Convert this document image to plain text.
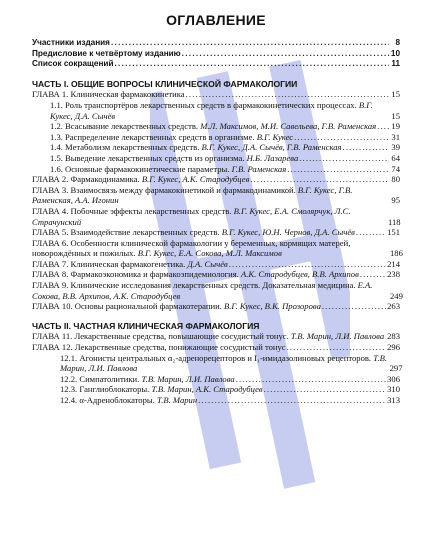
ОГЛАВЛЕНИЕ
Участники издания . . .	8
Предисловие к четвёртому изданию . . .	10
Список сокращений . . .	11
ЧАСТЬ I. ОБЩИЕ ВОПРОСЫ КЛИНИЧЕСКОЙ ФАРМАКОЛОГИИ
ГЛАВА 1. Клиническая фармакокинетика . . .	15
1.1. Роль транспортёров лекарственных средств в фармакокинетических процессах. В.Г. Кукес, Д.А. Сычёв	15
1.2. Всасывание лекарственных средств. М.Л. Максимов, М.И. Савельева, Г.В. Раменская . . . 19
1.3. Распределение лекарственных средств в организме. В.Г. Кукес . . .	31
1.4. Метаболизм лекарственных средств. В.Г. Кукес, Д.А. Сычёв, Г.В. Раменская . . .	39
1.5. Выведение лекарственных средств из организма. Н.Б. Лазарева . . .	64
1.6. Основные фармакокинетические параметры. Г.В. Раменская . . .	74
ГЛАВА 2. Фармакодинамика. В.Г. Кукес, А.К. Стародубцев . . .	80
ГЛАВА 3. Взаимосвязь между фармакокинетикой и фармакодинамикой. В.Г. Кукес, Г.В. Раменская, А.А. Игонин	95
ГЛАВА 4. Побочные эффекты лекарственных средств. В.Г. Кукес, Е.А. Смолярчук, Л.С. Страчунский	118
ГЛАВА 5. Взаимодействие лекарственных средств. В.Г. Кукес, Ю.Н. Чернов, Д.А. Сычёв . . .	151
ГЛАВА 6. Особенности клинической фармакологии у беременных, кормящих матерей, новорождённых и пожилых. В.Г. Кукес, Е.А. Сокова, М.Л. Максимов	186
ГЛАВА 7. Клиническая фармакогенетика. Д.А. Сычёв . . .	214
ГЛАВА 8. Фармакоэкономика и фармакоэпидемиология. А.К. Стародубцев, В.В. Архипов . . .	238
ГЛАВА 9. Клинические исследования лекарственных средств. Доказательная медицина. Е.А. Сокова, В.В. Архипов, А.К. Стародубцев	249
ГЛАВА 10. Основы рациональной фармакотерапии. В.Г. Кукес, В.К. Прозорова . . .	263
ЧАСТЬ II. ЧАСТНАЯ КЛИНИЧЕСКАЯ ФАРМАКОЛОГИЯ
ГЛАВА 11. Лекарственные средства, повышающие сосудистый тонус. Т.В. Марин, Л.И. Павлова . . . 283
ГЛАВА 12. Лекарственные средства, понижающие сосудистый тонус . . .	296
12.1. Агонисты центральных α₂-адренорецепторов и I₁-имидазолиновых рецепторов. Т.В. Марин, Л.И. Павлова	297
12.2. Симпатолитики. Т.В. Марин, Л.И. Павлова . . .	306
12.3. Ганглиоблокаторы. Т.В. Марин, А.К. Стародубцев . . .	310
12.4. α-Адреноблокаторы. Т.В. Марин . . .	313
